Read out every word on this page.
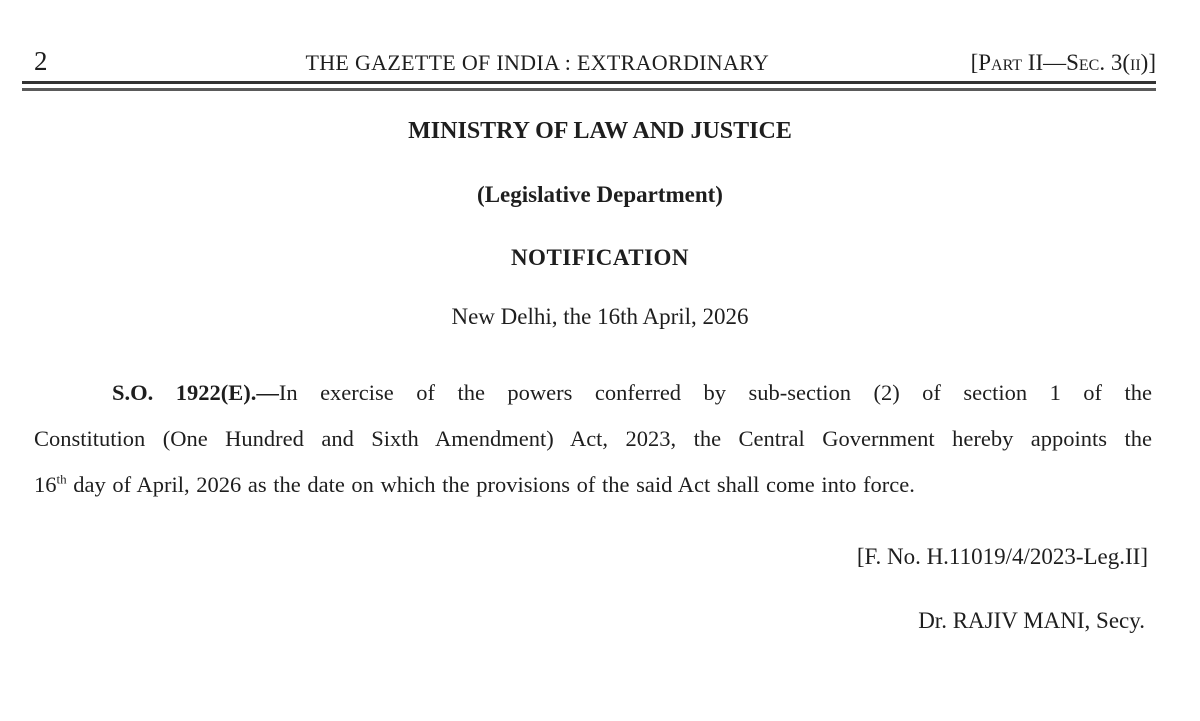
2	THE GAZETTE OF INDIA : EXTRAORDINARY	[Part II—Sec. 3(ii)]
MINISTRY OF LAW AND JUSTICE
(Legislative Department)
NOTIFICATION
New Delhi, the 16th April, 2026
S.O. 1922(E).—In exercise of the powers conferred by sub-section (2) of section 1 of the
Constitution (One Hundred and Sixth Amendment) Act, 2023, the Central Government hereby appoints the
16th day of April, 2026 as the date on which the provisions of the said Act shall come into force.
[F. No. H.11019/4/2023-Leg.II]
Dr. RAJIV MANI, Secy.
